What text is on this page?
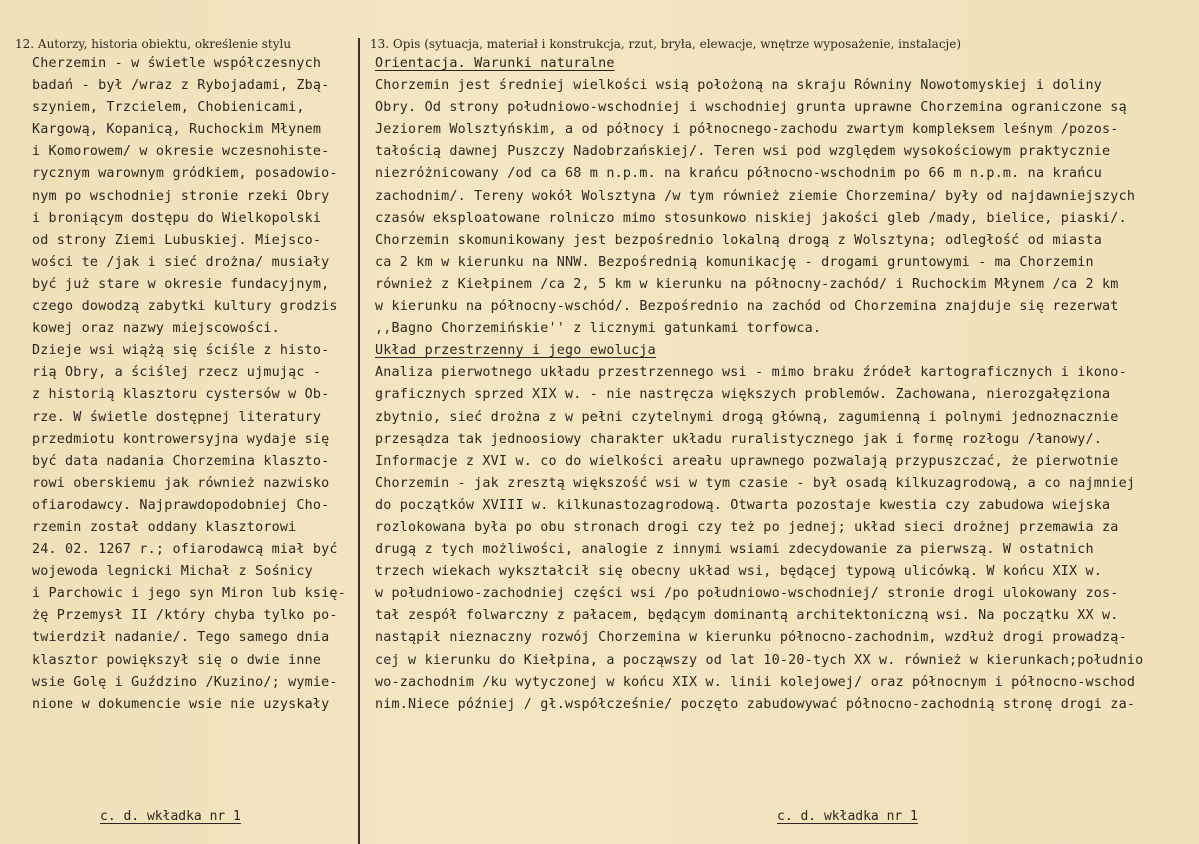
12. Autorzy, historia obiektu, określenie stylu	13. Opis (sytuacja, materiał i konstrukcja, rzut, bryła, elewacje, wnętrze wyposażenie, instalacje)
Cherzemin - w świetle współczesnych
badań - był /wraz z Rybojadami, Zbą-
szyniem, Trzcielem, Chobienicami,
Kargową, Kopanicą, Ruchockim Młynem
i Komorowem/ w okresie wczesnohiste-
rycznym warownym gródkiem, posadowio-
nym po wschodniej stronie rzeki Obry
i broniącym dostępu do Wielkopolski
od strony Ziemi Lubuskiej. Miejsco-
wości te /jak i sieć drożna/ musiały
być już stare w okresie fundacyjnym,
czego dowodzą zabytki kultury grodzis
kowej oraz nazwy miejscowości.
Dzieje wsi wiążą się ściśle z histo-
rią Obry, a ściślej rzecz ujmując -
z historią klasztoru cystersów w Ob-
rze. W świetle dostępnej literatury
przedmiotu kontrowersyjna wydaje się
być data nadania Chorzemina klaszto-
rowi oberskiemu jak również nazwisko
ofiarodawcy. Najprawdopodobniej Cho-
rzemin został oddany klasztorowi
24. 02. 1267 r.; ofiarodawcą miał być
wojewoda legnicki Michał z Sośnicy
i Parchowic i jego syn Miron lub księ-
żę Przemysł II /który chyba tylko po-
twierdził nadanie/. Tego samego dnia
klasztor powiększył się o dwie inne
wsie Golę i Guździno /Kuzino/; wymie-
nione w dokumencie wsie nie uzyskały
Orientacja. Warunki naturalne
Chorzemin jest średniej wielkości wsią położoną na skraju Równiny Nowotomyskiej i doliny
Obry. Od strony południowo-wschodniej i wschodniej grunta uprawne Chorzemina ograniczone są
Jeziorem Wolsztyńskim, a od północy i północnego-zachodu zwartym kompleksem leśnym /pozos-
tałością dawnej Puszczy Nadobrzańskiej/. Teren wsi pod względem wysokościowym praktycznie
niezróżnicowany /od ca 68 m n.p.m. na krańcu północno-wschodnim po 66 m n.p.m. na krańcu
zachodnim/. Tereny wokół Wolsztyna /w tym również ziemie Chorzemina/ były od najdawniejszych
czasów eksploatowane rolniczo mimo stosunkowo niskiej jakości gleb /mady, bielice, piaski/.
Chorzemin skomunikowany jest bezpośrednio lokalną drogą z Wolsztyna; odległość od miasta
ca 2 km w kierunku na NNW. Bezpośrednią komunikację - drogami gruntowymi - ma Chorzemin
również z Kiełpinem /ca 2, 5 km w kierunku na północny-zachód/ i Ruchockim Młynem /ca 2 km
w kierunku na północny-wschód/. Bezpośrednio na zachód od Chorzemina znajduje się rezerwat
,,Bagno Chorzemińskie'' z licznymi gatunkami torfowca.
Układ przestrzenny i jego ewolucja
Analiza pierwotnego układu przestrzennego wsi - mimo braku źródeł kartograficznych i ikono-
graficznych sprzed XIX w. - nie nastręcza większych problemów. Zachowana, nierozgałęziona
zbytnio, sieć drożna z w pełni czytelnymi drogą główną, zagumienną i polnymi jednoznacznie
przesądza tak jednoosiowy charakter układu ruralistycznego jak i formę rozłogu /łanowy/.
Informacje z XVI w. co do wielkości areału uprawnego pozwalają przypuszczać, że pierwotnie
Chorzemin - jak zresztą większość wsi w tym czasie - był osadą kilkuzagrodową, a co najmniej
do początków XVIII w. kilkunastozagrodową. Otwarta pozostaje kwestia czy zabudowa wiejska
rozlokowana była po obu stronach drogi czy też po jednej; układ sieci drożnej przemawia za
drugą z tych możliwości, analogie z innymi wsiami zdecydowanie za pierwszą. W ostatnich
trzech wiekach wykształcił się obecny układ wsi, będącej typową ulicówką. W końcu XIX w.
w południowo-zachodniej części wsi /po południowo-wschodniej/ stronie drogi ulokowany zos-
tał zespół folwarczny z pałacem, będącym dominantą architektoniczną wsi. Na początku XX w.
nastąpił nieznaczny rozwój Chorzemina w kierunku północno-zachodnim, wzdłuż drogi prowadzą-
cej w kierunku do Kiełpina, a począwszy od lat 10-20-tych XX w. również w kierunkach;południo
wo-zachodnim /ku wytyczonej w końcu XIX w. linii kolejowej/ oraz północnym i północno-wschod
nim.Niece później / gł.współcześnie/ poczęto zabudowywać północno-zachodnią stronę drogi za-
c. d. wkładka nr 1	c. d. wkładka nr 1
